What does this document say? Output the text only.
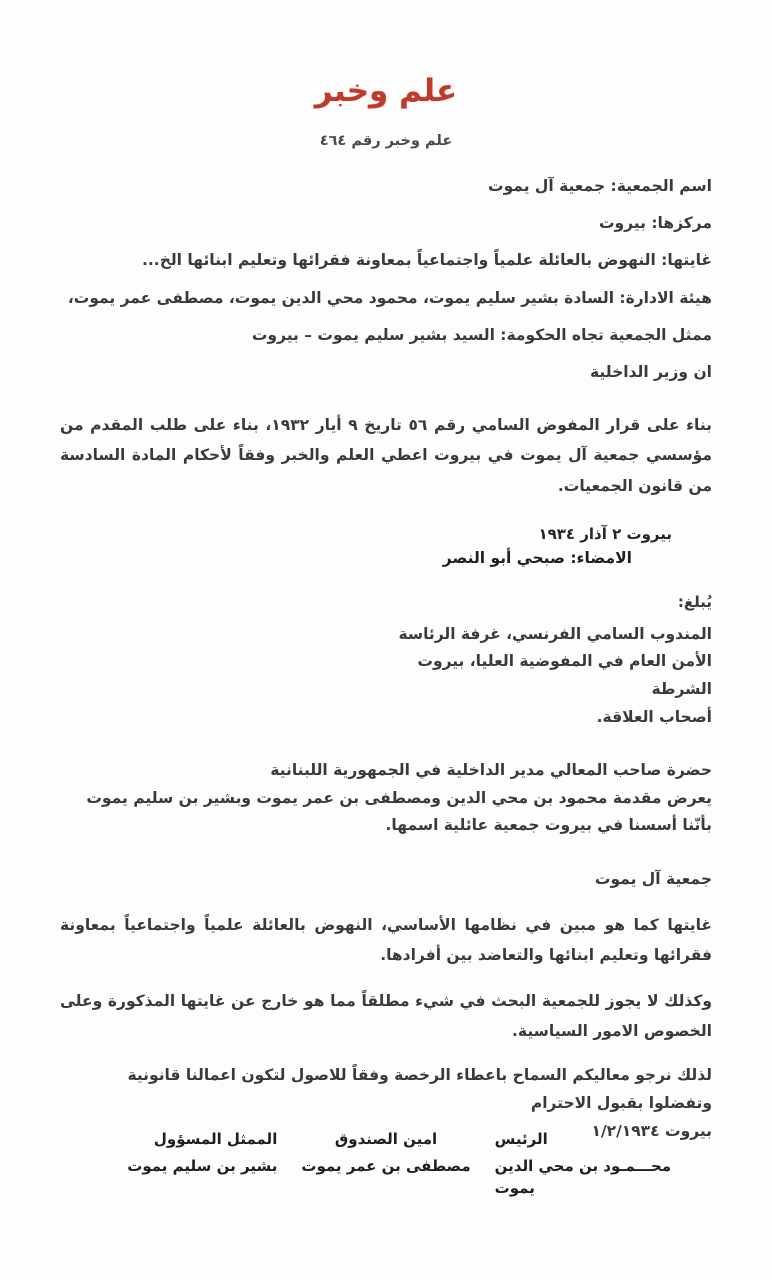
علم وخبر

علم وخبر رقم ٤٦٤

اسم الجمعية: جمعية آل يموت

مركزها: بيروت

غايتها: النهوض بالعائلة علمياً واجتماعياً بمعاونة فقرائها وتعليم ابنائها الخ...

هيئة الادارة: السادة بشير سليم يموت، محمود محي الدين يموت، مصطفى عمر يموت،

ممثل الجمعية تجاه الحكومة: السيد بشير سليم يموت – بيروت

ان وزير الداخلية

بناء على قرار المفوض السامي رقم ٥٦ تاريخ ٩ أيار ١٩٣٢، بناء على طلب المقدم من مؤسسي جمعية آل يموت في بيروت اعطي العلم والخبر وفقاً لأحكام المادة السادسة من قانون الجمعيات.

بيروت ٢ آذار ١٩٣٤

الامضاء: صبحي أبو النصر

يُبلغ:

المندوب السامي الفرنسي، غرفة الرئاسة

الأمن العام في المفوضية العليا، بيروت

الشرطة

أصحاب العلاقة.

حضرة صاحب المعالي مدير الداخلية في الجمهورية اللبنانية

يعرض مقدمة محمود بن محي الدين ومصطفى بن عمر يموت وبشير بن سليم يموت بأنّنا أسسنا في بيروت جمعية عائلية اسمها.

جمعية آل يموت

غايتها كما هو مبين في نظامها الأساسي، النهوض بالعائلة علمياً واجتماعياً بمعاونة فقرائها وتعليم ابنائها والتعاضد بين أفرادها.

وكذلك لا يجوز للجمعية البحث في شيء مطلقاً مما هو خارج عن غايتها المذكورة وعلى الخصوص الامور السياسية.

لذلك نرجو معاليكم السماح باعطاء الرخصة وفقاً للاصول لتكون اعمالنا قانونية

وتفضلوا بقبول الاحترام

بيروت ١/٢/١٩٣٤

الرئيس
محـــمـود بن محي الدين يموت
امين الصندوق
مصطفى بن عمر يموت
الممثل المسؤول
بشير بن سليم يموت
